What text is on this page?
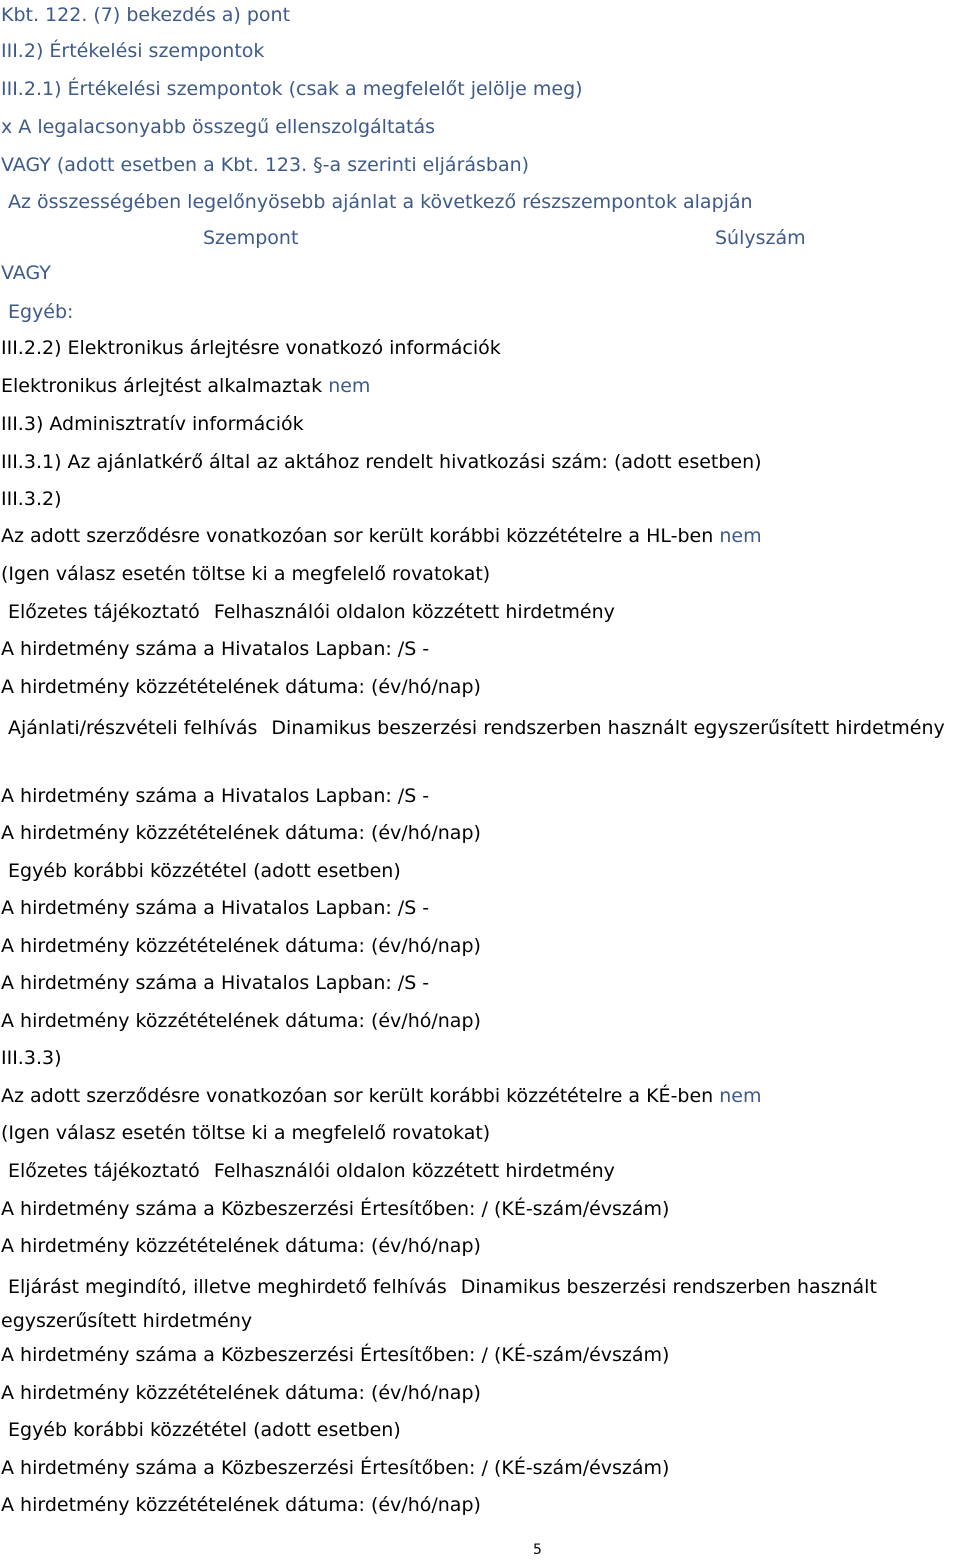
Kbt. 122. (7) bekezdés a) pont
III.2) Értékelési szempontok
III.2.1) Értékelési szempontok (csak a megfelelőt jelölje meg)
x A legalacsonyabb összegű ellenszolgáltatás
VAGY (adott esetben a Kbt. 123. §-a szerinti eljárásban)
Az összességében legelőnyösebb ajánlat a következő részszempontok alapján
Szempont	Súlyszám
VAGY
Egyéb:
III.2.2) Elektronikus árlejtésre vonatkozó információk
Elektronikus árlejtést alkalmaztak nem
III.3) Adminisztratív információk
III.3.1) Az ajánlatkérő által az aktához rendelt hivatkozási szám: (adott esetben)
III.3.2)
Az adott szerződésre vonatkozóan sor került korábbi közzétételre a HL-ben nem
(Igen válasz esetén töltse ki a megfelelő rovatokat)
Előzetes tájékoztató Felhasználói oldalon közzétett hirdetmény
A hirdetmény száma a Hivatalos Lapban: /S -
A hirdetmény közzétételének dátuma: (év/hó/nap)
Ajánlati/részvételi felhívás Dinamikus beszerzési rendszerben használt egyszerűsített hirdetmény
A hirdetmény száma a Hivatalos Lapban: /S -
A hirdetmény közzétételének dátuma: (év/hó/nap)
Egyéb korábbi közzététel (adott esetben)
A hirdetmény száma a Hivatalos Lapban: /S -
A hirdetmény közzétételének dátuma: (év/hó/nap)
A hirdetmény száma a Hivatalos Lapban: /S -
A hirdetmény közzétételének dátuma: (év/hó/nap)
III.3.3)
Az adott szerződésre vonatkozóan sor került korábbi közzétételre a KÉ-ben nem
(Igen válasz esetén töltse ki a megfelelő rovatokat)
Előzetes tájékoztató Felhasználói oldalon közzétett hirdetmény
A hirdetmény száma a Közbeszerzési Értesítőben: / (KÉ-szám/évszám)
A hirdetmény közzétételének dátuma: (év/hó/nap)
Eljárást megindító, illetve meghirdető felhívás Dinamikus beszerzési rendszerben használt egyszerűsített hirdetmény
A hirdetmény száma a Közbeszerzési Értesítőben: / (KÉ-szám/évszám)
A hirdetmény közzétételének dátuma: (év/hó/nap)
Egyéb korábbi közzététel (adott esetben)
A hirdetmény száma a Közbeszerzési Értesítőben: / (KÉ-szám/évszám)
A hirdetmény közzétételének dátuma: (év/hó/nap)
5
